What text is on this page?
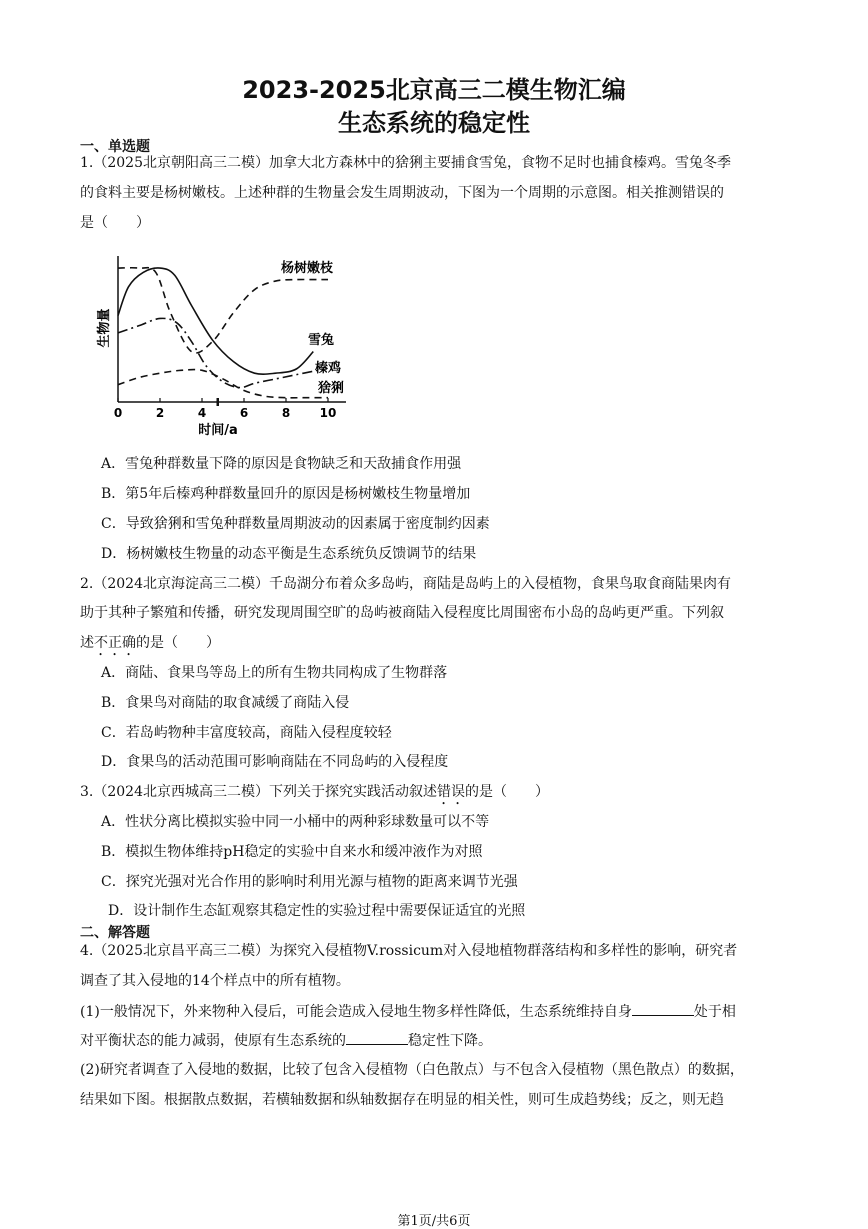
2023-2025北京高三二模生物汇编
生态系统的稳定性
一、单选题
1.（2025北京朝阳高三二模）加拿大北方森林中的猞猁主要捕食雪兔，食物不足时也捕食榛鸡。雪兔冬季
的食料主要是杨树嫩枝。上述种群的生物量会发生周期波动，下图为一个周期的示意图。相关推测错误的
是（　　）
0	2	4	6	8 10
生物量
时间/a
杨树嫩枝
雪兔
榛鸡
猞猁
A．雪兔种群数量下降的原因是食物缺乏和天敌捕食作用强
B．第5年后榛鸡种群数量回升的原因是杨树嫩枝生物量增加
C．导致猞猁和雪兔种群数量周期波动的因素属于密度制约因素
D．杨树嫩枝生物量的动态平衡是生态系统负反馈调节的结果
2.（2024北京海淀高三二模）千岛湖分布着众多岛屿，商陆是岛屿上的入侵植物，食果鸟取食商陆果肉有
助于其种子繁殖和传播，研究发现周围空旷的岛屿被商陆入侵程度比周围密布小岛的岛屿更严重。下列叙
述不正确的是（　　）
A．商陆、食果鸟等岛上的所有生物共同构成了生物群落
B．食果鸟对商陆的取食减缓了商陆入侵
C．若岛屿物种丰富度较高，商陆入侵程度较轻
D．食果鸟的活动范围可影响商陆在不同岛屿的入侵程度
3.（2024北京西城高三二模）下列关于探究实践活动叙述错误的是（　　）
A．性状分离比模拟实验中同一小桶中的两种彩球数量可以不等
B．模拟生物体维持pH稳定的实验中自来水和缓冲液作为对照
C．探究光强对光合作用的影响时利用光源与植物的距离来调节光强
D．设计制作生态缸观察其稳定性的实验过程中需要保证适宜的光照
二、解答题
4.（2025北京昌平高三二模）为探究入侵植物V.rossicum对入侵地植物群落结构和多样性的影响，研究者
调查了其入侵地的14个样点中的所有植物。
(1)一般情况下，外来物种入侵后，可能会造成入侵地生物多样性降低，生态系统维持自身	处于相
对平衡状态的能力减弱，使原有生态系统的	稳定性下降。
(2)研究者调查了入侵地的数据，比较了包含入侵植物（白色散点）与不包含入侵植物（黑色散点）的数据，
结果如下图。根据散点数据，若横轴数据和纵轴数据存在明显的相关性，则可生成趋势线；反之，则无趋
第1页/共6页
